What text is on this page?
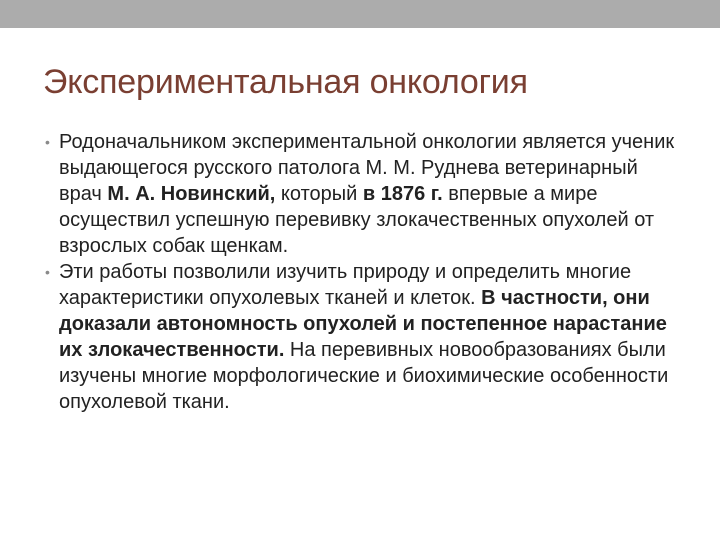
Экспериментальная онкология
• Родоначальником экспериментальной онкологии является ученик выдающегося русского патолога М. М. Руднева ветеринарный врач М. А. Новинский, который в 1876 г. впервые а мире осуществил успешную перевивку злокачественных опухолей от взрослых собак щенкам.

• Эти работы позволили изучить природу и определить многие характеристики опухолевых тканей и клеток. В частности, они доказали автономность опухолей и постепенное нарастание их злокачественности. На перевивных новообразованиях были изучены многие морфологические и биохимические особенности опухолевой ткани.
